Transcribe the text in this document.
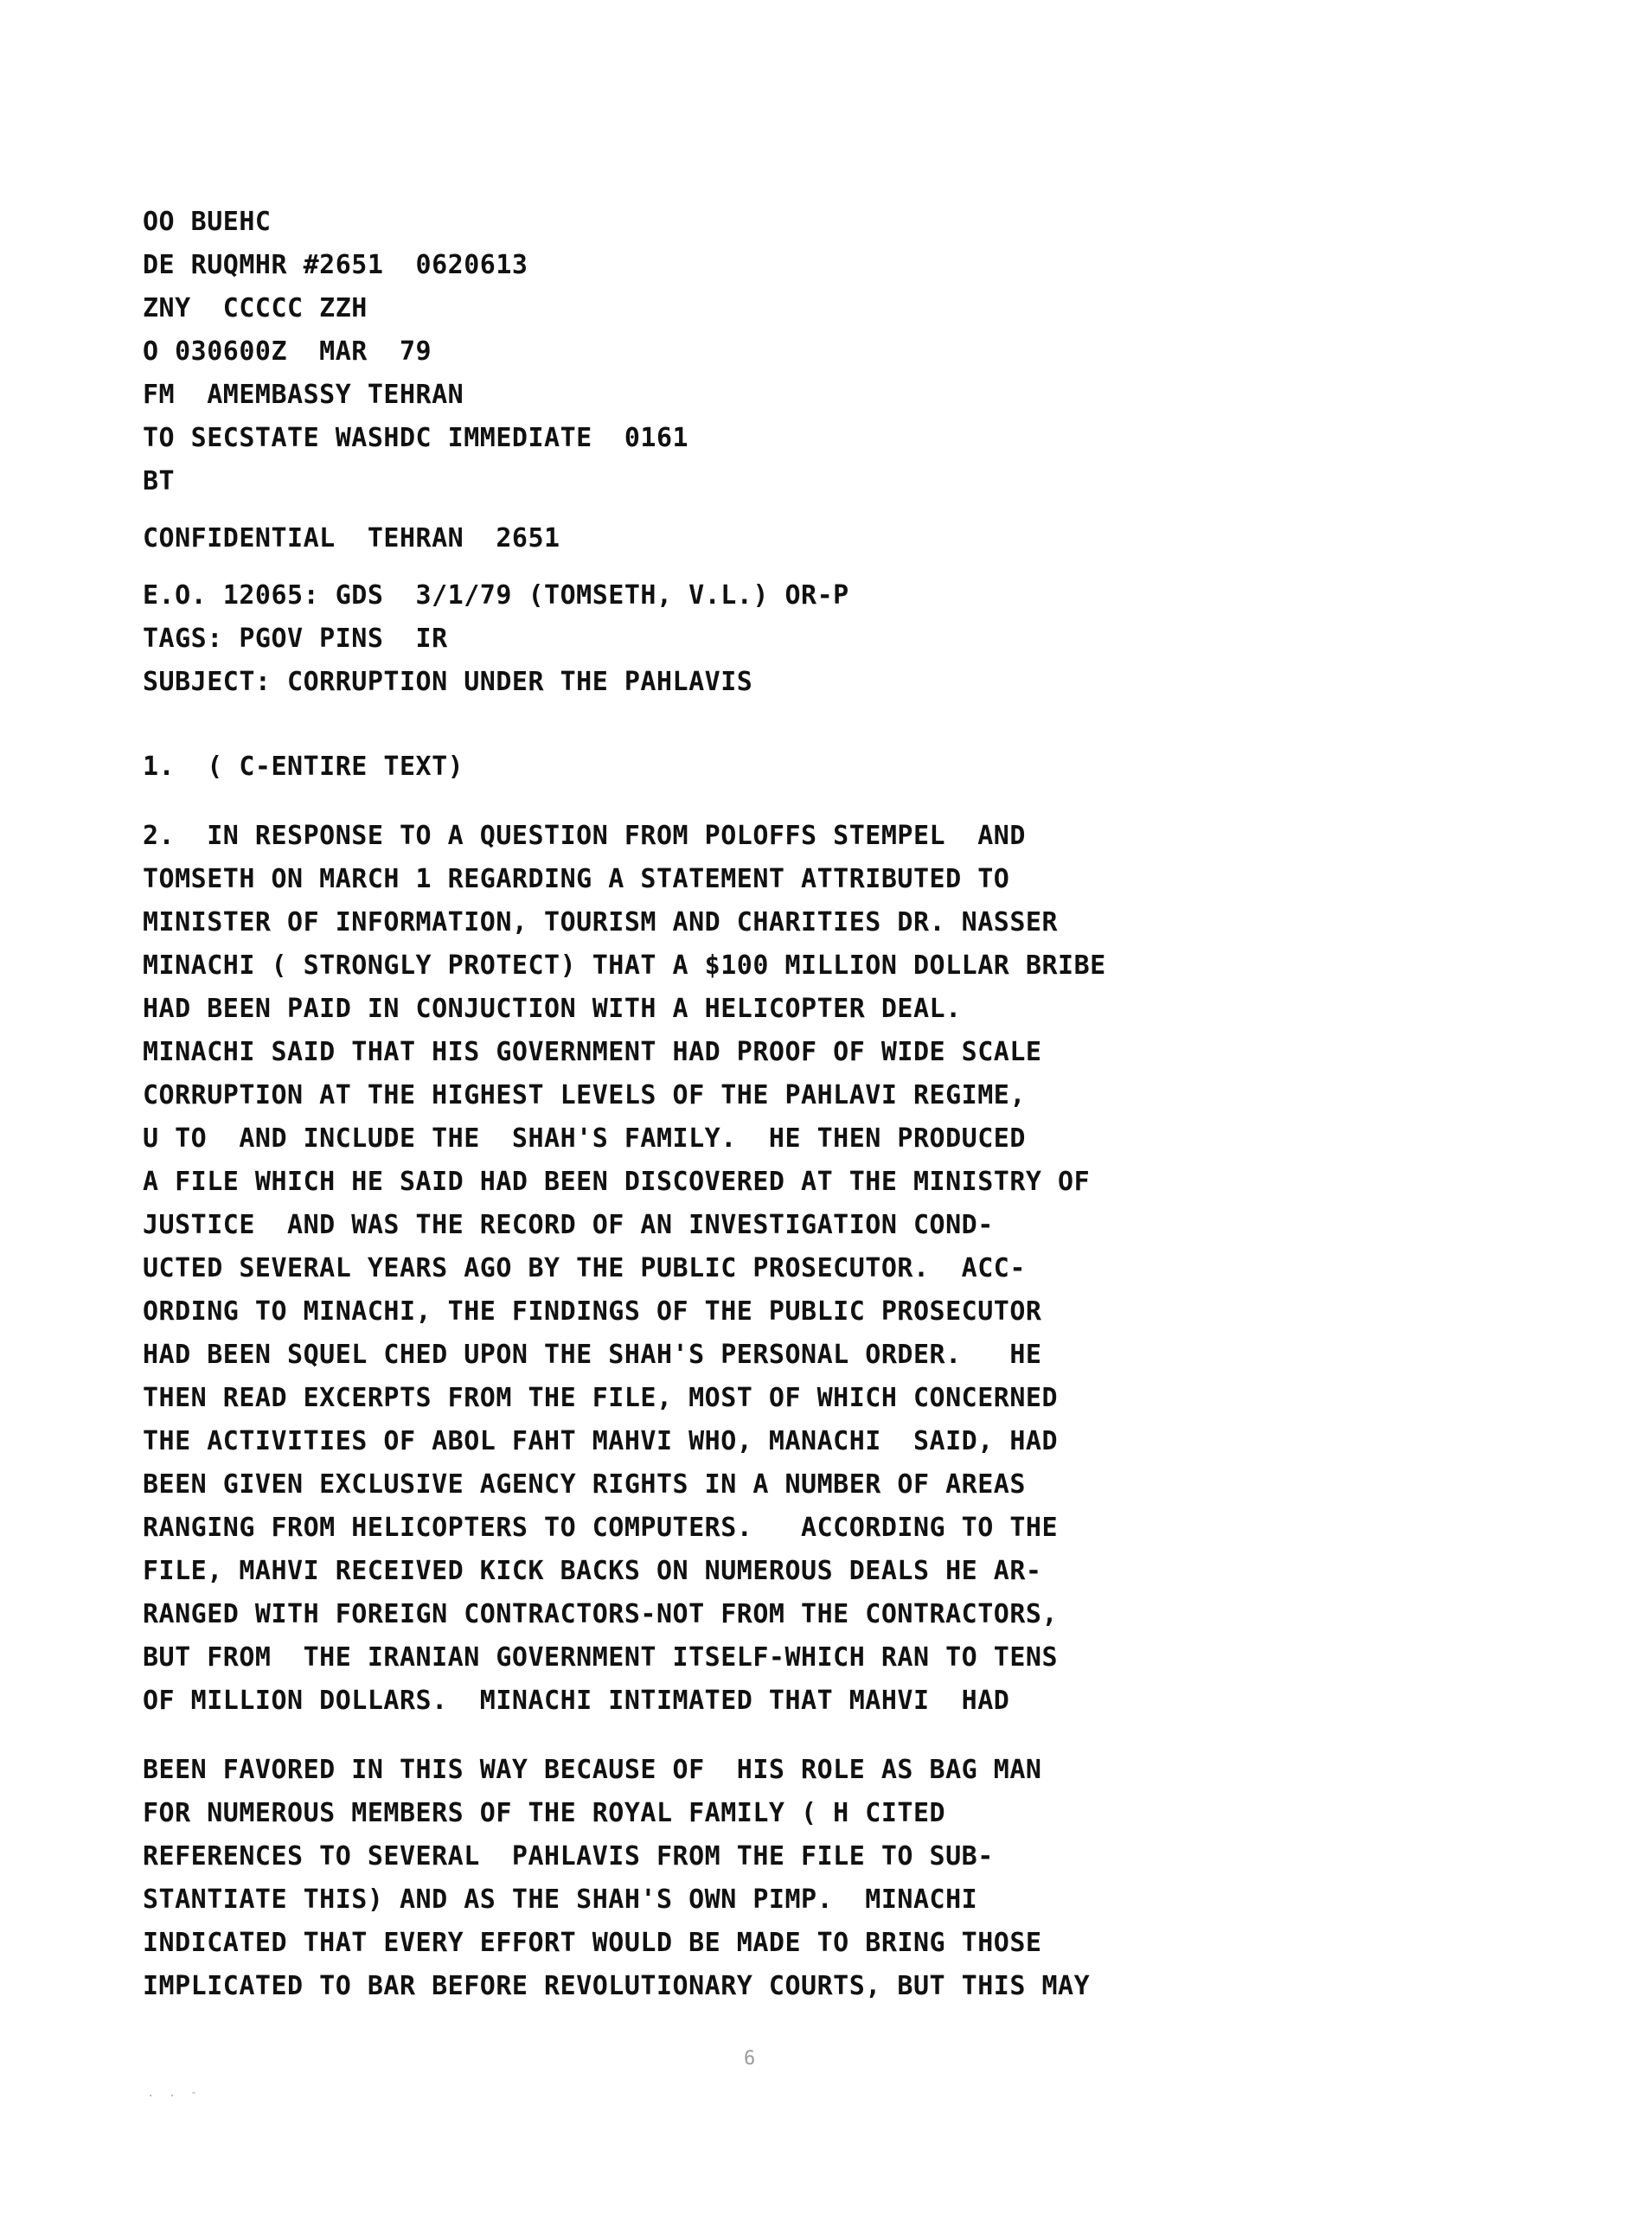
OO BUEHC
DE RUQMHR #2651  0620613
ZNY  CCCCC ZZH
O 030600Z  MAR  79
FM  AMEMBASSY TEHRAN
TO SECSTATE WASHDC IMMEDIATE  0161
BT
CONFIDENTIAL  TEHRAN  2651
E.O. 12065: GDS  3/1/79 (TOMSETH, V.L.) OR-P
TAGS: PGOV PINS  IR
SUBJECT: CORRUPTION UNDER THE PAHLAVIS
1.  ( C-ENTIRE TEXT)
2.  IN RESPONSE TO A QUESTION FROM POLOFFS STEMPEL  AND
TOMSETH ON MARCH 1 REGARDING A STATEMENT ATTRIBUTED TO
MINISTER OF INFORMATION, TOURISM AND CHARITIES DR. NASSER
MINACHI ( STRONGLY PROTECT) THAT A $100 MILLION DOLLAR BRIBE
HAD BEEN PAID IN CONJUCTION WITH A HELICOPTER DEAL.
MINACHI SAID THAT HIS GOVERNMENT HAD PROOF OF WIDE SCALE
CORRUPTION AT THE HIGHEST LEVELS OF THE PAHLAVI REGIME,
U TO  AND INCLUDE THE  SHAH'S FAMILY.  HE THEN PRODUCED
A FILE WHICH HE SAID HAD BEEN DISCOVERED AT THE MINISTRY OF
JUSTICE  AND WAS THE RECORD OF AN INVESTIGATION COND-
UCTED SEVERAL YEARS AGO BY THE PUBLIC PROSECUTOR.  ACC-
ORDING TO MINACHI, THE FINDINGS OF THE PUBLIC PROSECUTOR
HAD BEEN SQUEL CHED UPON THE SHAH'S PERSONAL ORDER.   HE
THEN READ EXCERPTS FROM THE FILE, MOST OF WHICH CONCERNED
THE ACTIVITIES OF ABOL FAHT MAHVI WHO, MANACHI  SAID, HAD
BEEN GIVEN EXCLUSIVE AGENCY RIGHTS IN A NUMBER OF AREAS
RANGING FROM HELICOPTERS TO COMPUTERS.   ACCORDING TO THE
FILE, MAHVI RECEIVED KICK BACKS ON NUMEROUS DEALS HE AR-
RANGED WITH FOREIGN CONTRACTORS-NOT FROM THE CONTRACTORS,
BUT FROM  THE IRANIAN GOVERNMENT ITSELF-WHICH RAN TO TENS
OF MILLION DOLLARS.  MINACHI INTIMATED THAT MAHVI  HAD
BEEN FAVORED IN THIS WAY BECAUSE OF  HIS ROLE AS BAG MAN
FOR NUMEROUS MEMBERS OF THE ROYAL FAMILY ( H CITED
REFERENCES TO SEVERAL  PAHLAVIS FROM THE FILE TO SUB-
STANTIATE THIS) AND AS THE SHAH'S OWN PIMP.  MINACHI
INDICATED THAT EVERY EFFORT WOULD BE MADE TO BRING THOSE
IMPLICATED TO BAR BEFORE REVOLUTIONARY COURTS, BUT THIS MAY
6
. . -
